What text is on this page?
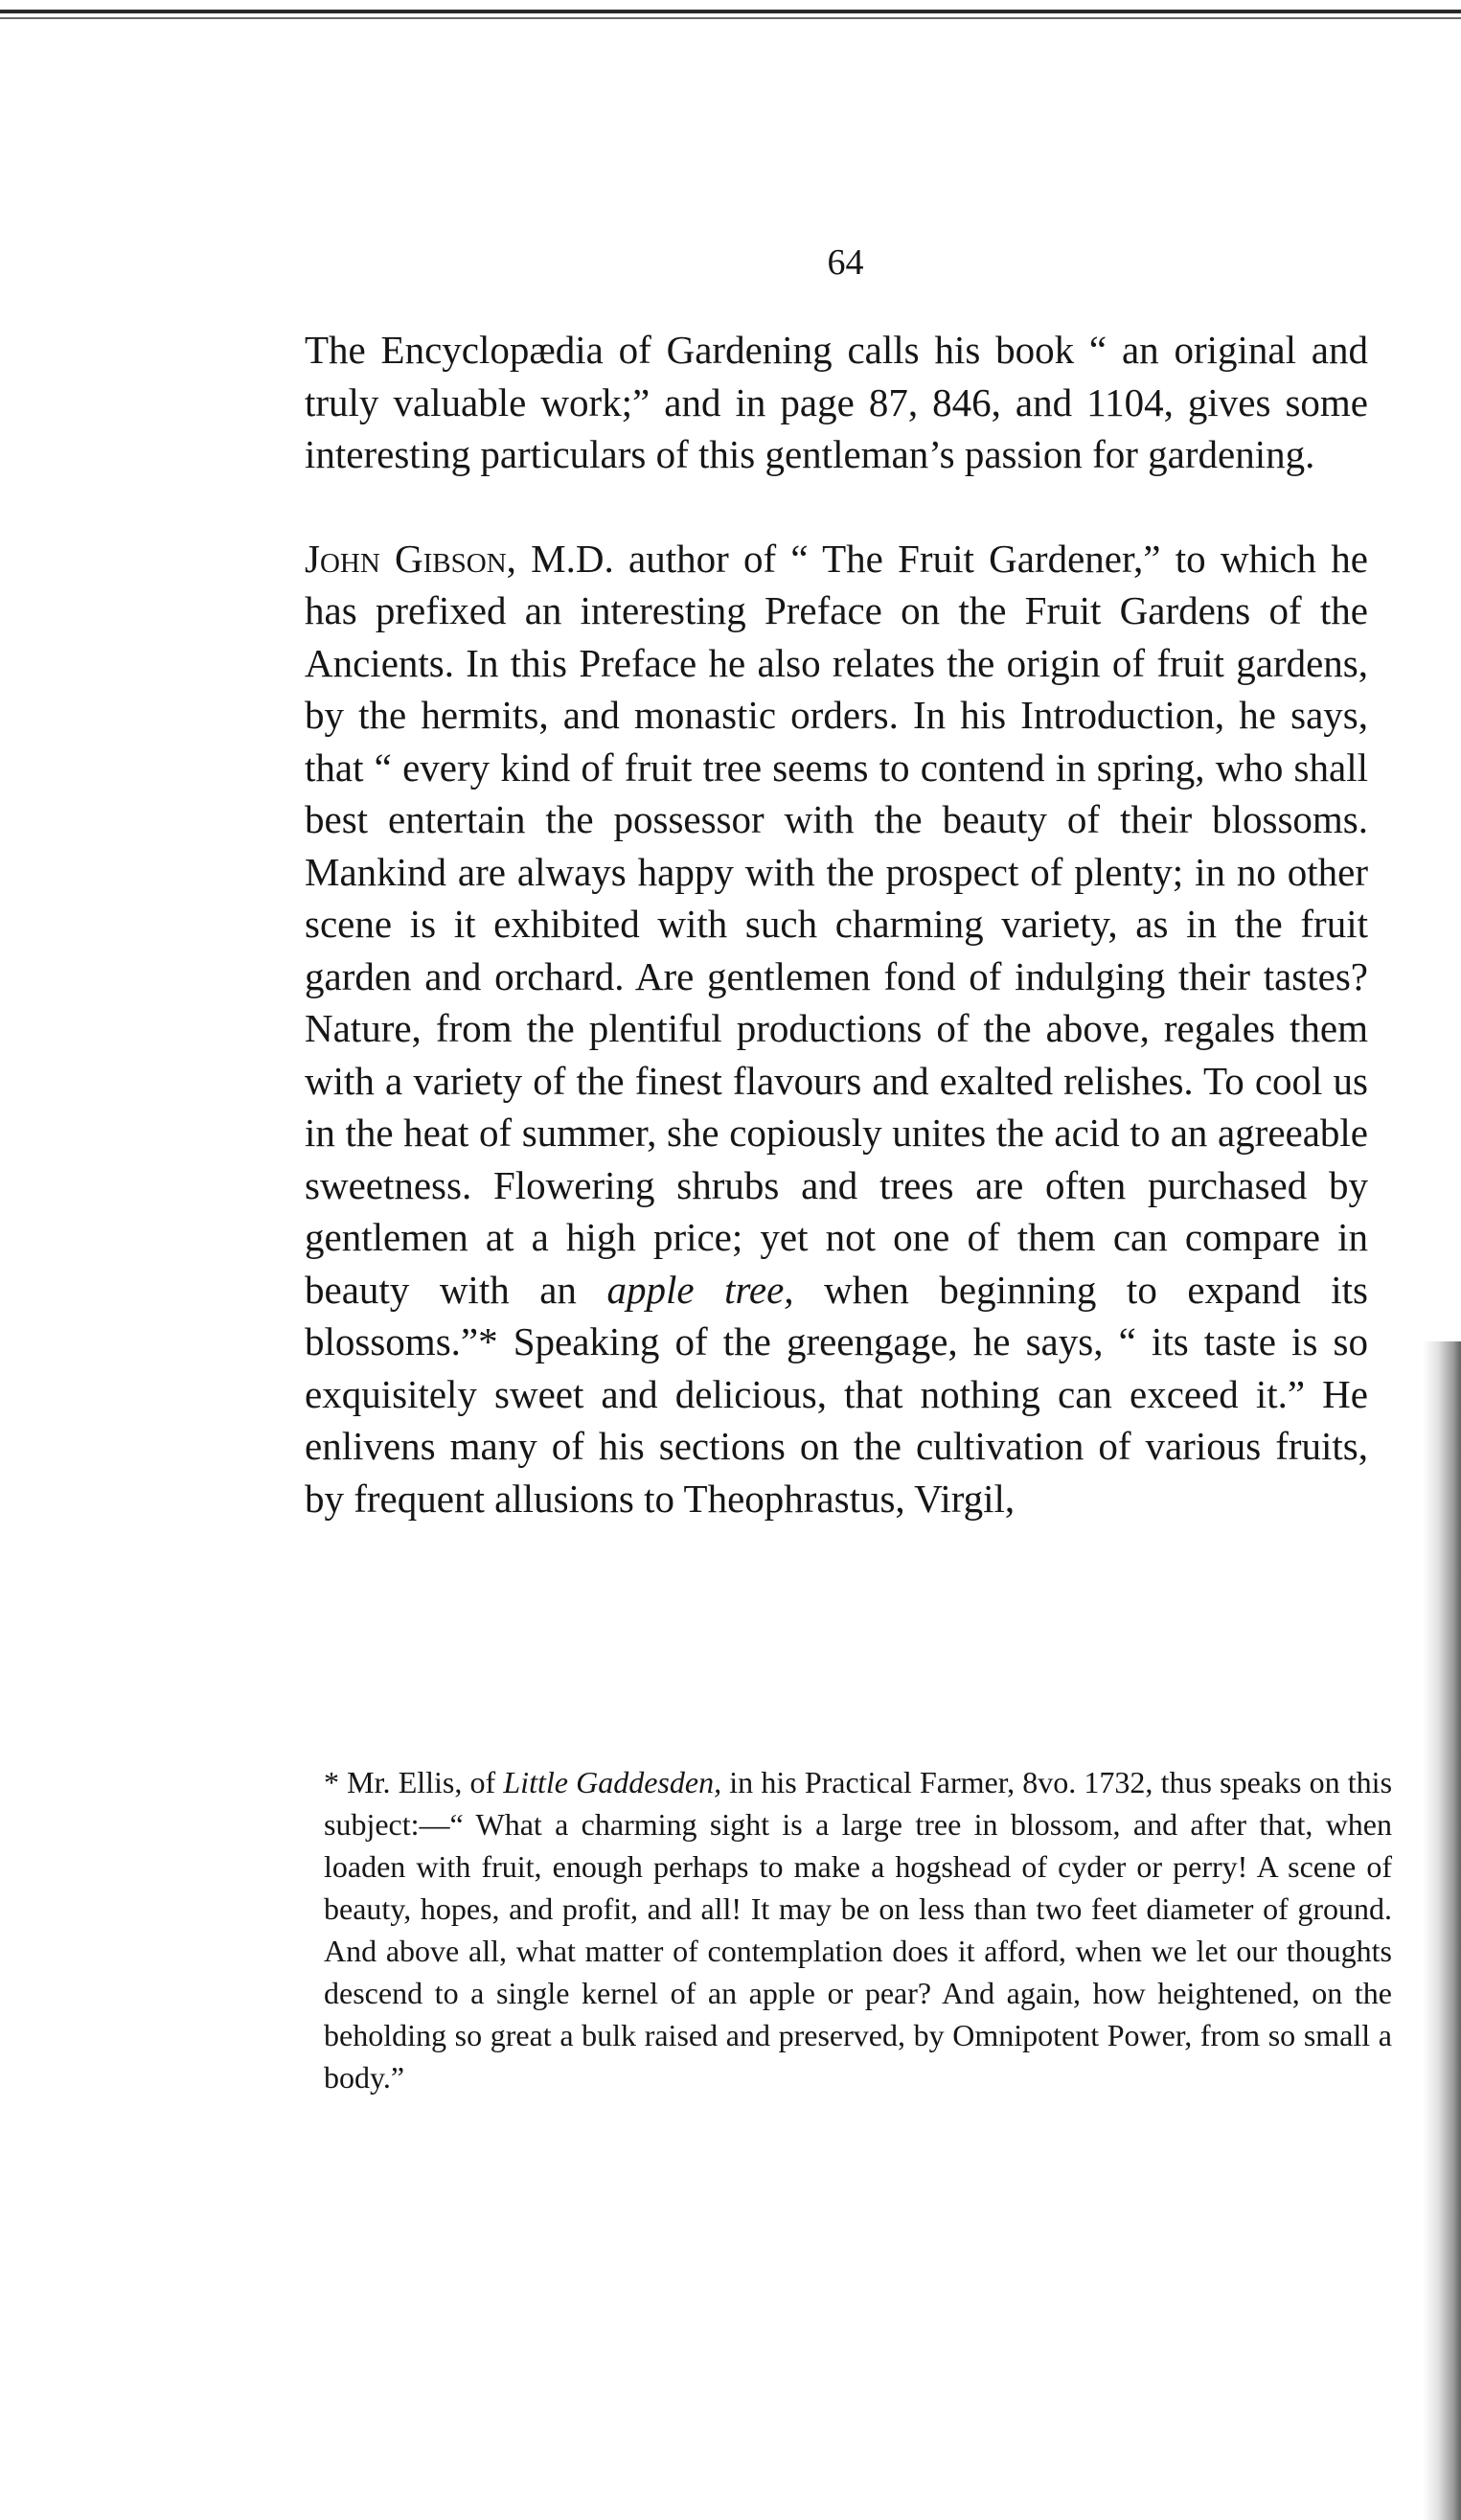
64

The Encyclopædia of Gardening calls his book “ an original and truly valuable work;” and in page 87, 846, and 1104, gives some interesting particulars of this gentleman’s passion for gardening.

John Gibson, M.D. author of “ The Fruit Gardener,” to which he has prefixed an interesting Preface on the Fruit Gardens of the Ancients. In this Preface he also relates the origin of fruit gardens, by the hermits, and monastic orders. In his Introduction, he says, that “ every kind of fruit tree seems to contend in spring, who shall best entertain the possessor with the beauty of their blossoms. Mankind are always happy with the prospect of plenty; in no other scene is it exhibited with such charming variety, as in the fruit garden and orchard. Are gentlemen fond of indulging their tastes? Nature, from the plentiful productions of the above, regales them with a variety of the finest flavours and exalted relishes. To cool us in the heat of summer, she copiously unites the acid to an agreeable sweetness. Flowering shrubs and trees are often purchased by gentlemen at a high price; yet not one of them can compare in beauty with an apple tree, when beginning to expand its blossoms.”* Speaking of the greengage, he says, “ its taste is so exquisitely sweet and delicious, that nothing can exceed it.” He enlivens many of his sections on the cultivation of various fruits, by frequent allusions to Theophrastus, Virgil,

* Mr. Ellis, of Little Gaddesden, in his Practical Farmer, 8vo. 1732, thus speaks on this subject:—“ What a charming sight is a large tree in blossom, and after that, when loaden with fruit, enough perhaps to make a hogshead of cyder or perry! A scene of beauty, hopes, and profit, and all! It may be on less than two feet diameter of ground. And above all, what matter of contemplation does it afford, when we let our thoughts descend to a single kernel of an apple or pear? And again, how heightened, on the beholding so great a bulk raised and preserved, by Omnipotent Power, from so small a body.”
